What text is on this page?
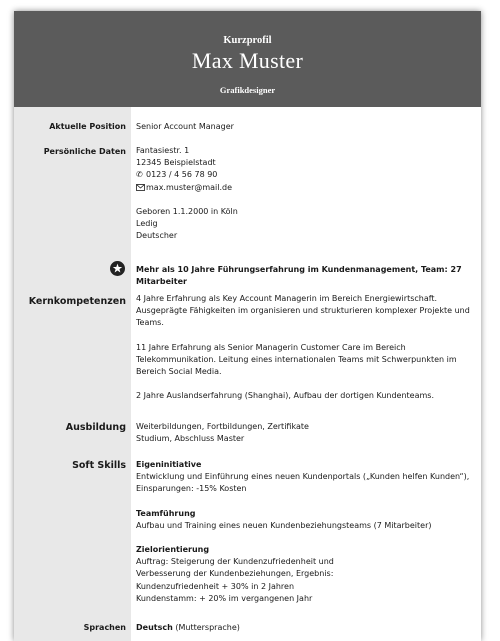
Kurzprofil
Max Muster
Grafikdesigner
Aktuelle Position Senior Account Manager
Persönliche Daten Fantasiestr. 1
12345 Beispielstadt
✆ 0123 / 4 56 78 90
max.muster@mail.de
Geboren 1.1.2000 in Köln
Ledig
Deutscher
Mehr als 10 Jahre Führungserfahrung im Kundenmanagement, Team: 27 Mitarbeiter
Kernkompetenzen 4 Jahre Erfahrung als Key Account Managerin im Bereich Energiewirtschaft. Ausgeprägte Fähigkeiten im organisieren und strukturieren komplexer Projekte und Teams.
11 Jahre Erfahrung als Senior Managerin Customer Care im Bereich Telekommunikation. Leitung eines internationalen Teams mit Schwerpunkten im Bereich Social Media.
2 Jahre Auslandserfahrung (Shanghai), Aufbau der dortigen Kundenteams.
Ausbildung Weiterbildungen, Fortbildungen, Zertifikate
Studium, Abschluss Master
Soft Skills Eigeninitiative
Entwicklung und Einführung eines neuen Kundenportals („Kunden helfen Kunden“), Einsparungen: -15% Kosten
Teamführung
Aufbau und Training eines neuen Kundenbeziehungsteams (7 Mitarbeiter)
Zielorientierung
Auftrag: Steigerung der Kundenzufriedenheit und Verbesserung der Kundenbeziehungen, Ergebnis: Kundenzufriedenheit + 30% in 2 Jahren Kundenstamm: + 20% im vergangenen Jahr
Sprachen Deutsch (Muttersprache)
